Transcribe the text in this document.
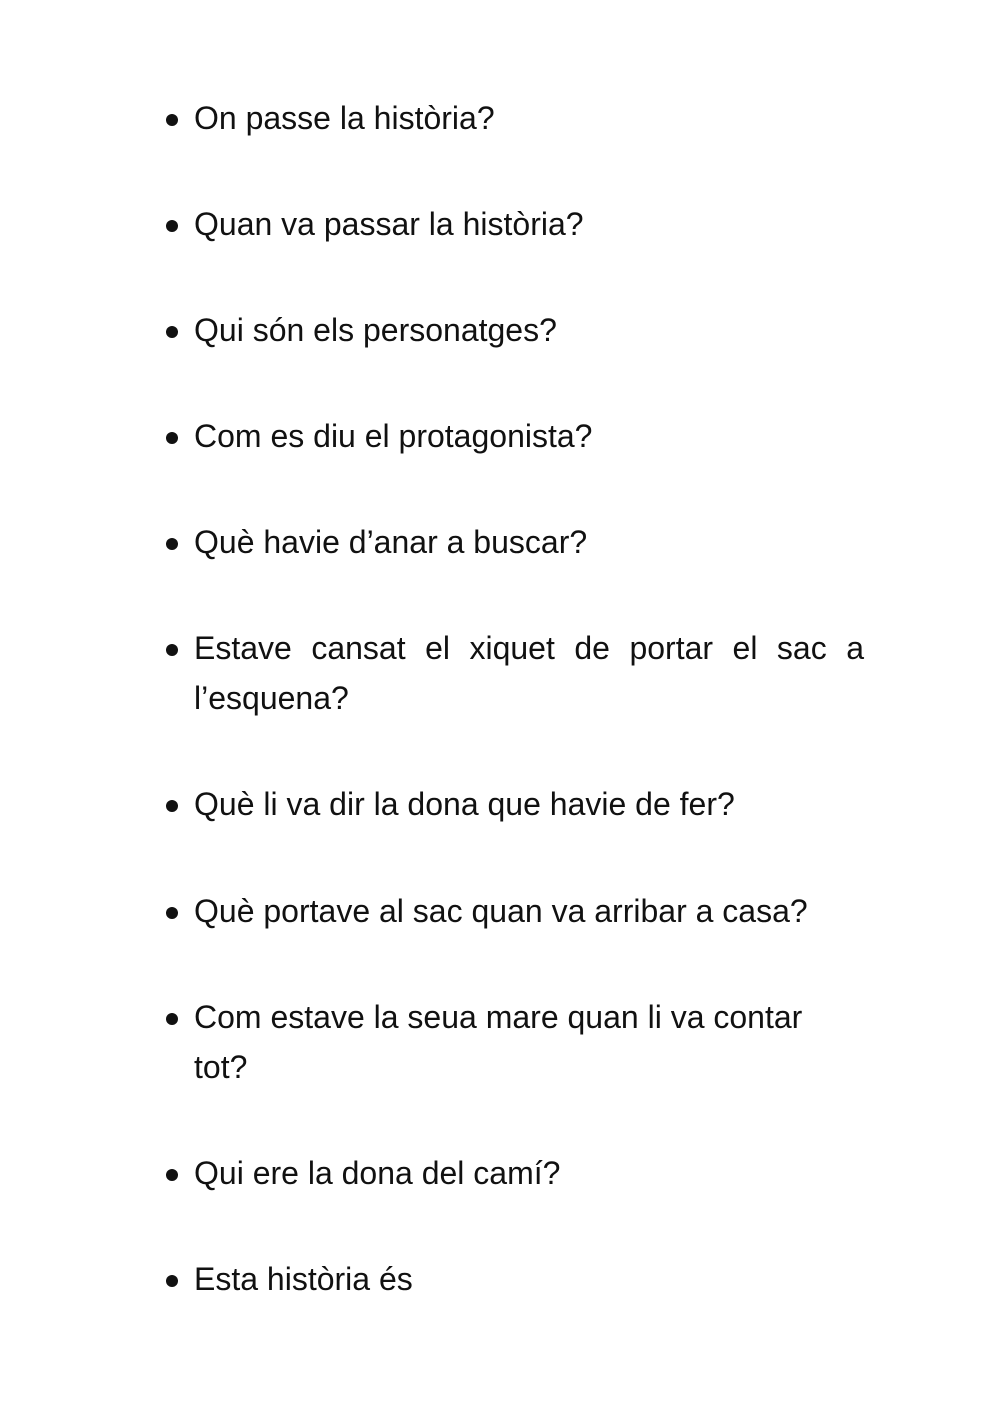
On passe la història?
Quan va passar la història?
Qui són els personatges?
Com es diu el protagonista?
Què havie d’anar a buscar?
Estave cansat el xiquet de portar el sac a l’esquena?
Què li va dir la dona que havie de fer?
Què portave al sac quan va arribar a casa?
Com estave la seua mare quan li va contar tot?
Qui ere la dona del camí?
Esta història és
